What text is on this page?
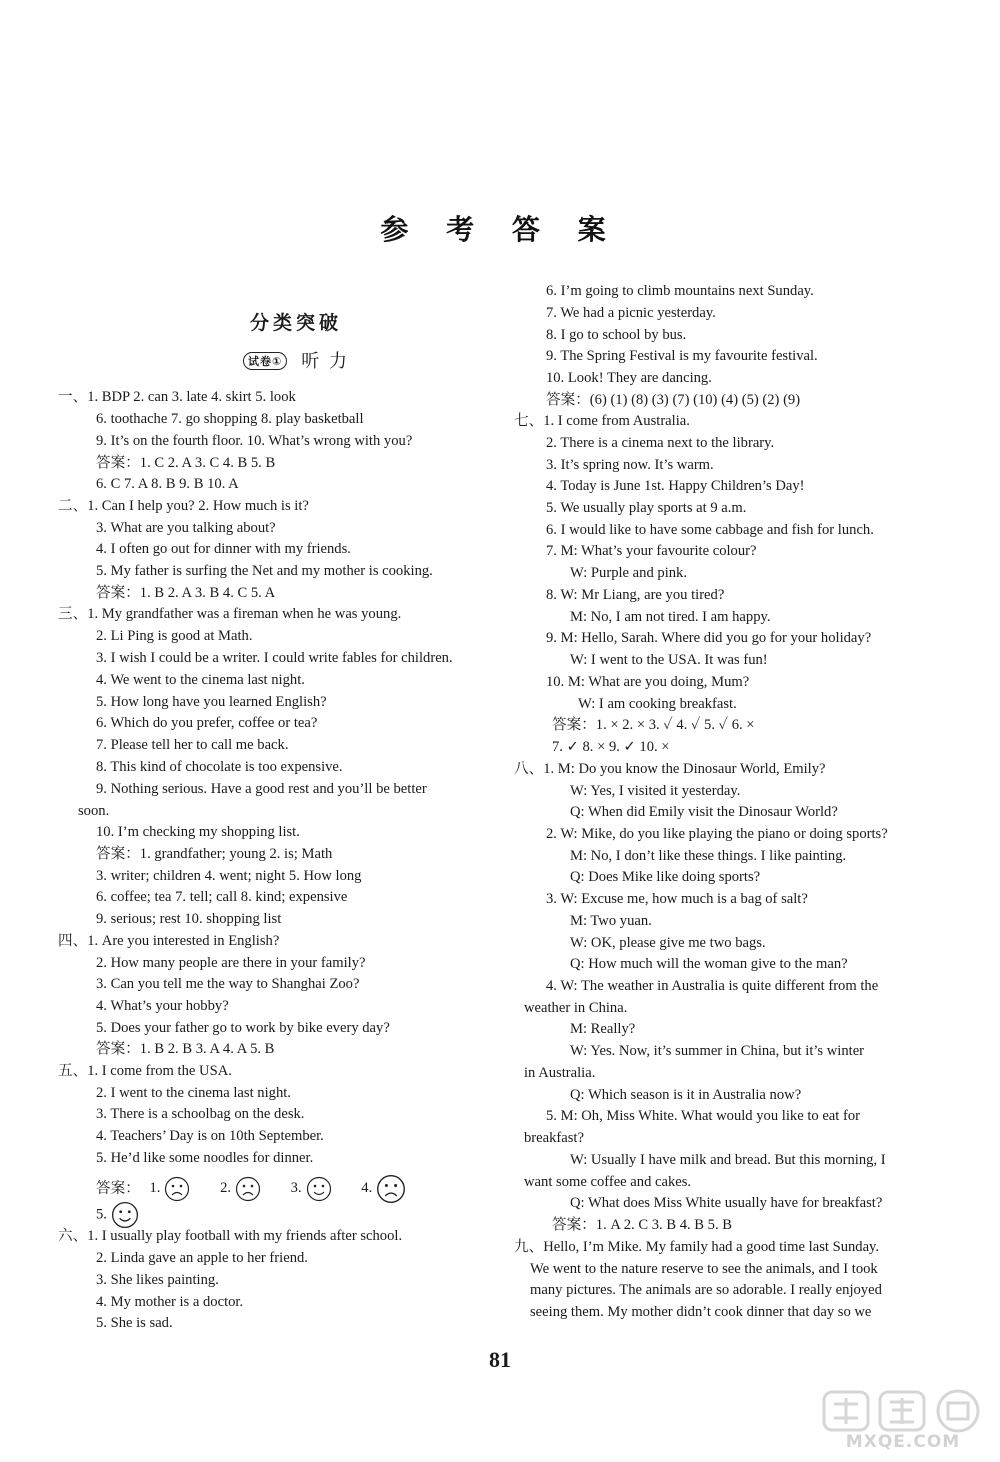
参 考 答 案
分类突破
试卷① 听 力
一、1. BDP 2. can 3. late 4. skirt 5. look
6. toothache 7. go shopping 8. play basketball
9. It’s on the fourth floor. 10. What’s wrong with you?
答案：1. C 2. A 3. C 4. B 5. B
6. C 7. A 8. B 9. B 10. A
二、1. Can I help you? 2. How much is it?
3. What are you talking about?
4. I often go out for dinner with my friends.
5. My father is surfing the Net and my mother is cooking.
答案：1. B 2. A 3. B 4. C 5. A
三、1. My grandfather was a fireman when he was young.
2. Li Ping is good at Math.
3. I wish I could be a writer. I could write fables for children.
4. We went to the cinema last night.
5. How long have you learned English?
6. Which do you prefer, coffee or tea?
7. Please tell her to call me back.
8. This kind of chocolate is too expensive.
9. Nothing serious. Have a good rest and you’ll be better
soon.
10. I’m checking my shopping list.
答案：1. grandfather; young 2. is; Math
3. writer; children 4. went; night 5. How long
6. coffee; tea 7. tell; call 8. kind; expensive
9. serious; rest 10. shopping list
四、1. Are you interested in English?
2. How many people are there in your family?
3. Can you tell me the way to Shanghai Zoo?
4. What’s your hobby?
5. Does your father go to work by bike every day?
答案：1. B 2. B 3. A 4. A 5. B
五、1. I come from the USA.
2. I went to the cinema last night.
3. There is a schoolbag on the desk.
4. Teachers’ Day is on 10th September.
5. He’d like some noodles for dinner.
答案： 1.	2.	3.	4.
5.
六、1. I usually play football with my friends after school.
2. Linda gave an apple to her friend.
3. She likes painting.
4. My mother is a doctor.
5. She is sad.
6. I’m going to climb mountains next Sunday.
7. We had a picnic yesterday.
8. I go to school by bus.
9. The Spring Festival is my favourite festival.
10. Look! They are dancing.
答案：(6) (1) (8) (3) (7) (10) (4) (5) (2) (9)
七、1. I come from Australia.
2. There is a cinema next to the library.
3. It’s spring now. It’s warm.
4. Today is June 1st. Happy Children’s Day!
5. We usually play sports at 9 a.m.
6. I would like to have some cabbage and fish for lunch.
7. M: What’s your favourite colour?
W: Purple and pink.
8. W: Mr Liang, are you tired?
M: No, I am not tired. I am happy.
9. M: Hello, Sarah. Where did you go for your holiday?
W: I went to the USA. It was fun!
10. M: What are you doing, Mum?
W: I am cooking breakfast.
答案：1. × 2. × 3. ✓ 4. ✓ 5. ✓ 6. ×
7. ✓ 8. × 9. ✓ 10. ×
八、1. M: Do you know the Dinosaur World, Emily?
W: Yes, I visited it yesterday.
Q: When did Emily visit the Dinosaur World?
2. W: Mike, do you like playing the piano or doing sports?
M: No, I don’t like these things. I like painting.
Q: Does Mike like doing sports?
3. W: Excuse me, how much is a bag of salt?
M: Two yuan.
W: OK, please give me two bags.
Q: How much will the woman give to the man?
4. W: The weather in Australia is quite different from the
weather in China.
M: Really?
W: Yes. Now, it’s summer in China, but it’s winter
in Australia.
Q: Which season is it in Australia now?
5. M: Oh, Miss White. What would you like to eat for
breakfast?
W: Usually I have milk and bread. But this morning, I
want some coffee and cakes.
Q: What does Miss White usually have for breakfast?
答案：1. A 2. C 3. B 4. B 5. B
九、Hello, I’m Mike. My family had a good time last Sunday.
We went to the nature reserve to see the animals, and I took
many pictures. The animals are so adorable. I really enjoyed
seeing them. My mother didn’t cook dinner that day so we
81
MXQE.COM
